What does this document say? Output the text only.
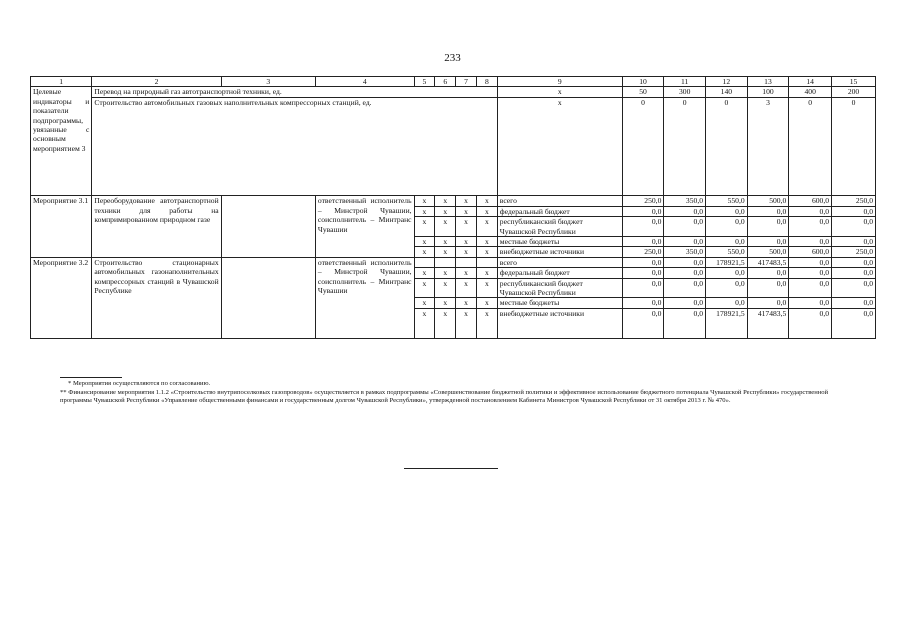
233
1	2	3	4	5	6	7	8	9	10	11	12	13	14	15
Целевые индикаторы и показатели подпрограммы, увязанные с основным мероприятием 3	Перевод на природный газ автотранспортной техники, ед.							х	50	300	140	100	400	200
	Строительство автомобильных газовых наполнительных компрессорных станций, ед.							х	0	0	0	3	0	0
Мероприятие 3.1	Переоборудование автотранспортной техники для работы на компримированном природном газе		ответственный исполнитель – Минстрой Чувашии, соисполнитель – Минтранс Чувашии	х	х	х	х	всего	250,0	350,0	550,0	500,0	600,0	250,0
				х	х	х	х	федеральный бюджет	0,0	0,0	0,0	0,0	0,0	0,0
				х	х	х	х	республиканский бюджет Чувашской Республики	0,0	0,0	0,0	0,0	0,0	0,0
				х	х	х	х	местные бюджеты	0,0	0,0	0,0	0,0	0,0	0,0
				х	х	х	х	внебюджетные источники	250,0	350,0	550,0	500,0	600,0	250,0
Мероприятие 3.2	Строительство стационарных автомобильных газонаполнительных компрессорных станций в Чувашской Республике		ответственный исполнитель – Минстрой Чувашии, соисполнитель – Минтранс Чувашии					всего	0,0	0,0	178921,5	417483,5	0,0	0,0
				х	х	х	х	федеральный бюджет	0,0	0,0	0,0	0,0	0,0	0,0
				х	х	х	х	республиканский бюджет Чувашской Республики	0,0	0,0	0,0	0,0	0,0	0,0
				х	х	х	х	местные бюджеты	0,0	0,0	0,0	0,0	0,0	0,0
				х	х	х	х	внебюджетные источники	0,0	0,0	178921,5	417483,5	0,0	0,0
* Мероприятия осуществляются по согласованию.
** Финансирование мероприятия 1.1.2 «Строительство внутрипоселковых газопроводов» осуществляется в рамках подпрограммы «Совершенствование бюджетной политики и эффективное использование бюджетного потенциала Чувашской Республики» государственной программы Чувашской Республики «Управление общественными финансами и государственным долгом Чувашской Республики», утвержденной постановлением Кабинета Министров Чувашской Республики от 31 октября 2013 г. № 470».
